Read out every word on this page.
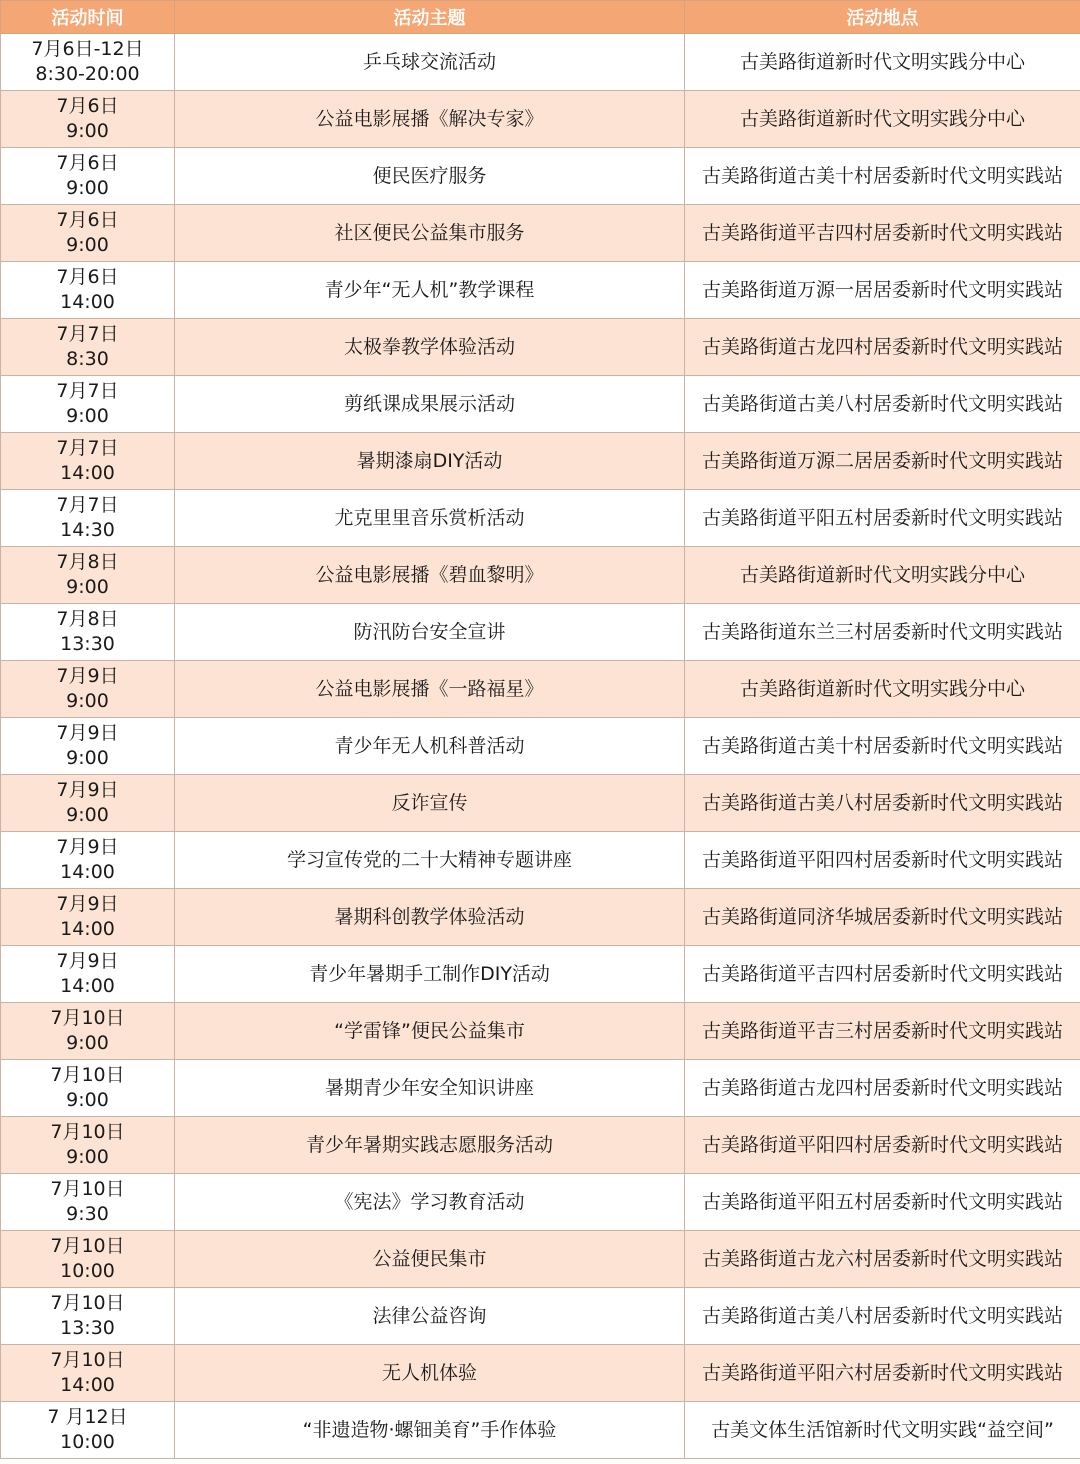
活动时间	活动主题	活动地点

7月6日-12日
8:30-20:00	乒乓球交流活动	古美路街道新时代文明实践分中心

7月6日
9:00	公益电影展播《解决专家》	古美路街道新时代文明实践分中心

7月6日
9:00	便民医疗服务	古美路街道古美十村居委新时代文明实践站

7月6日
9:00	社区便民公益集市服务	古美路街道平吉四村居委新时代文明实践站

7月6日
14:00	青少年“无人机”教学课程	古美路街道万源一居居委新时代文明实践站

7月7日
8:30	太极拳教学体验活动	古美路街道古龙四村居委新时代文明实践站

7月7日
9:00	剪纸课成果展示活动	古美路街道古美八村居委新时代文明实践站

7月7日
14:00	暑期漆扇DIY活动	古美路街道万源二居居委新时代文明实践站

7月7日
14:30	尤克里里音乐赏析活动	古美路街道平阳五村居委新时代文明实践站

7月8日
9:00	公益电影展播《碧血黎明》	古美路街道新时代文明实践分中心

7月8日
13:30	防汛防台安全宣讲	古美路街道东兰三村居委新时代文明实践站

7月9日
9:00	公益电影展播《一路福星》	古美路街道新时代文明实践分中心

7月9日
9:00	青少年无人机科普活动	古美路街道古美十村居委新时代文明实践站

7月9日
9:00	反诈宣传	古美路街道古美八村居委新时代文明实践站

7月9日
14:00	学习宣传党的二十大精神专题讲座	古美路街道平阳四村居委新时代文明实践站

7月9日
14:00	暑期科创教学体验活动	古美路街道同济华城居委新时代文明实践站

7月9日
14:00	青少年暑期手工制作DIY活动	古美路街道平吉四村居委新时代文明实践站

7月10日
9:00	“学雷锋”便民公益集市	古美路街道平吉三村居委新时代文明实践站

7月10日
9:00	暑期青少年安全知识讲座	古美路街道古龙四村居委新时代文明实践站

7月10日
9:00	青少年暑期实践志愿服务活动	古美路街道平阳四村居委新时代文明实践站

7月10日
9:30	《宪法》学习教育活动	古美路街道平阳五村居委新时代文明实践站

7月10日
10:00	公益便民集市	古美路街道古龙六村居委新时代文明实践站

7月10日
13:30	法律公益咨询	古美路街道古美八村居委新时代文明实践站

7月10日
14:00	无人机体验	古美路街道平阳六村居委新时代文明实践站

7 月12日
10:00	“非遗造物·螺钿美育”手作体验	古美文体生活馆新时代文明实践“益空间”
